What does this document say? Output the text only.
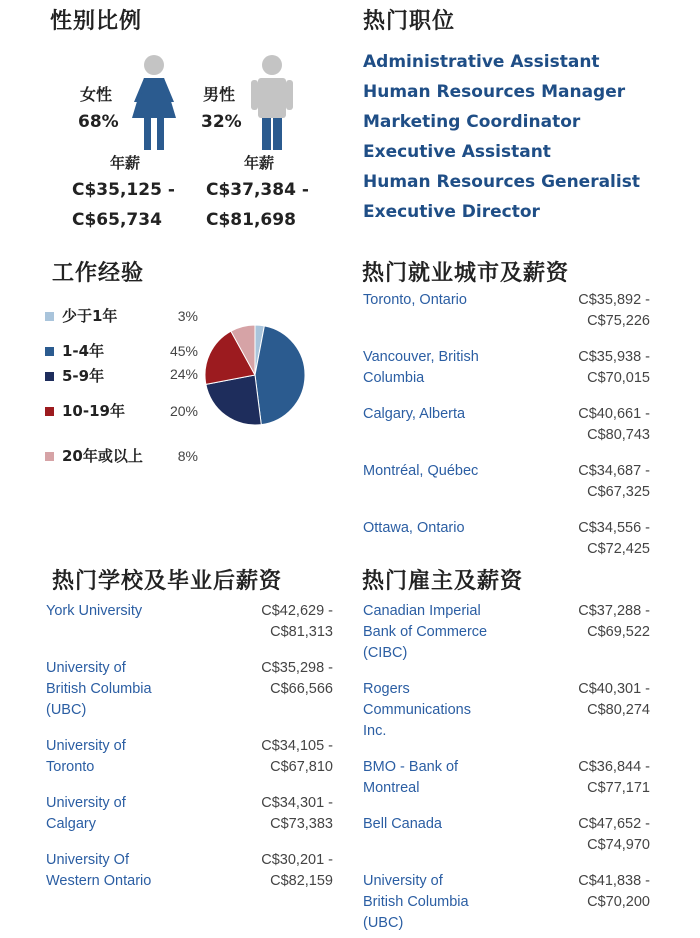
性别比例
女性
68%
年薪
C$35,125 -
C$65,734
男性
32%
年薪
C$37,384 -
C$81,698
热门职位
Administrative Assistant
Human Resources Manager
Marketing Coordinator
Executive Assistant
Human Resources Generalist
Executive Director
工作经验
少于1年	3%
1-4年	45%
5-9年	24%
10-19年	20%
20年或以上	8%
热门就业城市及薪资
Toronto, Ontario	C$35,892 -
C$75,226
Vancouver, British
Columbia
C$35,938 -
C$70,015
Calgary, Alberta	C$40,661 -
C$80,743
Montréal, Québec	C$34,687 -
C$67,325
Ottawa, Ontario	C$34,556 -
C$72,425
热门学校及毕业后薪资
York University	C$42,629 -
C$81,313
University of
British Columbia
(UBC)
C$35,298 -
C$66,566
University of
Toronto
C$34,105 -
C$67,810
University of
Calgary
C$34,301 -
C$73,383
University Of
Western Ontario
C$30,201 -
C$82,159
热门雇主及薪资
Canadian Imperial
Bank of Commerce
(CIBC)
C$37,288 -
C$69,522
Rogers
Communications
Inc.
C$40,301 -
C$80,274
BMO - Bank of
Montreal
C$36,844 -
C$77,171
Bell Canada	C$47,652 -
C$74,970
University of
British Columbia
(UBC)
C$41,838 -
C$70,200
